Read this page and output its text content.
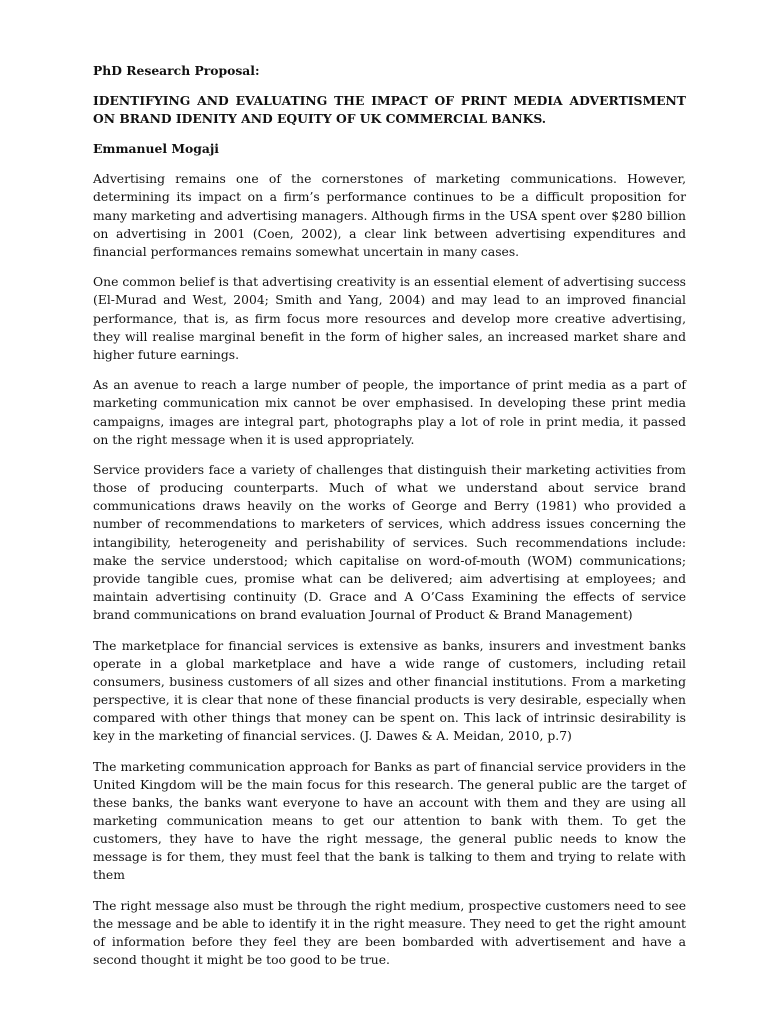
PhD Research Proposal:

IDENTIFYING AND EVALUATING THE IMPACT OF PRINT MEDIA ADVERTISMENT ON BRAND IDENITY AND EQUITY OF UK COMMERCIAL BANKS.

Emmanuel Mogaji

Advertising remains one of the cornerstones of marketing communications. However, determining its impact on a firm’s performance continues to be a difficult proposition for many marketing and advertising managers. Although firms in the USA spent over $280 billion on advertising in 2001 (Coen, 2002), a clear link between advertising expenditures and financial performances remains somewhat uncertain in many cases.

One common belief is that advertising creativity is an essential element of advertising success (El-Murad and West, 2004; Smith and Yang, 2004) and may lead to an improved financial performance, that is, as firm focus more resources and develop more creative advertising, they will realise marginal benefit in the form of higher sales, an increased market share and higher future earnings.

As an avenue to reach a large number of people, the importance of print media as a part of marketing communication mix cannot be over emphasised. In developing these print media campaigns, images are integral part, photographs play a lot of role in print media, it passed on the right message when it is used appropriately.

Service providers face a variety of challenges that distinguish their marketing activities from those of producing counterparts. Much of what we understand about service brand communications draws heavily on the works of George and Berry (1981) who provided a number of recommendations to marketers of services, which address issues concerning the intangibility, heterogeneity and perishability of services. Such recommendations include: make the service understood; which capitalise on word-of-mouth (WOM) communications; provide tangible cues, promise what can be delivered; aim advertising at employees; and maintain advertising continuity (D. Grace and A O’Cass Examining the effects of service brand communications on brand evaluation Journal of Product & Brand Management)

The marketplace for financial services is extensive as banks, insurers and investment banks operate in a global marketplace and have a wide range of customers, including retail consumers, business customers of all sizes and other financial institutions. From a marketing perspective, it is clear that none of these financial products is very desirable, especially when compared with other things that money can be spent on. This lack of intrinsic desirability is key in the marketing of financial services. (J. Dawes & A. Meidan, 2010, p.7)

The marketing communication approach for Banks as part of financial service providers in the United Kingdom will be the main focus for this research. The general public are the target of these banks, the banks want everyone to have an account with them and they are using all marketing communication means to get our attention to bank with them. To get the customers, they have to have the right message, the general public needs to know the message is for them, they must feel that the bank is talking to them and trying to relate with them

The right message also must be through the right medium, prospective customers need to see the message and be able to identify it in the right measure. They need to get the right amount of information before they feel they are been bombarded with advertisement and have a second thought it might be too good to be true.
